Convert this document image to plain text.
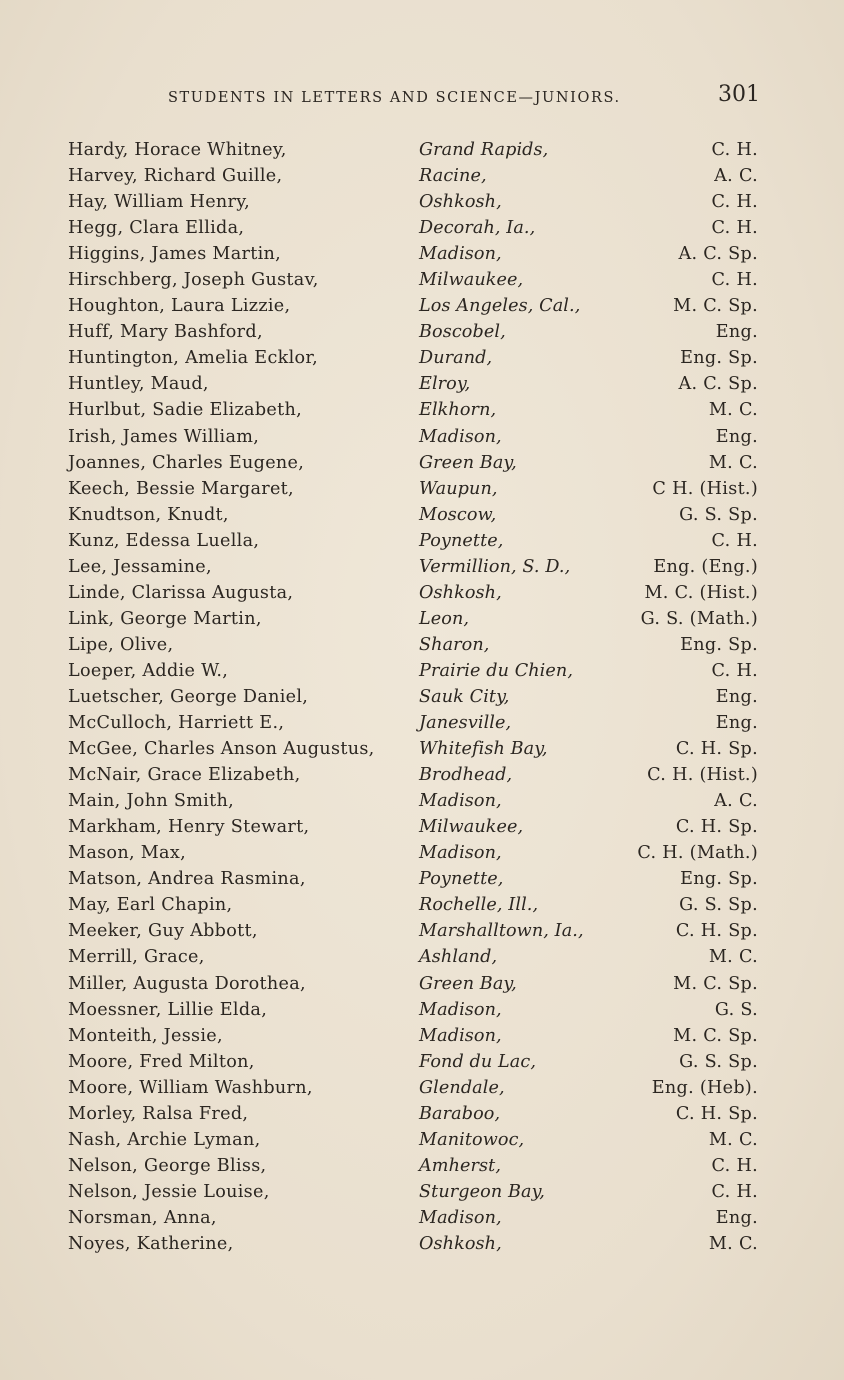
STUDENTS IN LETTERS AND SCIENCE—JUNIORS.	301
Hardy, Horace Whitney,	Grand Rapids,	C. H.
Harvey, Richard Guille,	Racine,	A. C.
Hay, William Henry,	Oshkosh,	C. H.
Hegg, Clara Ellida,	Decorah, Ia.,	C. H.
Higgins, James Martin,	Madison,	A. C. Sp.
Hirschberg, Joseph Gustav,	Milwaukee,	C. H.
Houghton, Laura Lizzie,	Los Angeles, Cal.,	M. C. Sp.
Huff, Mary Bashford,	Boscobel,	Eng.
Huntington, Amelia Ecklor,	Durand,	Eng. Sp.
Huntley, Maud,	Elroy,	A. C. Sp.
Hurlbut, Sadie Elizabeth,	Elkhorn,	M. C.
Irish, James William,	Madison,	Eng.
Joannes, Charles Eugene,	Green Bay,	M. C.
Keech, Bessie Margaret,	Waupun,	C H. (Hist.)
Knudtson, Knudt,	Moscow,	G. S. Sp.
Kunz, Edessa Luella,	Poynette,	C. H.
Lee, Jessamine,	Vermillion, S. D.,	Eng. (Eng.)
Linde, Clarissa Augusta,	Oshkosh,	M. C. (Hist.)
Link, George Martin,	Leon,	G. S. (Math.)
Lipe, Olive,	Sharon,	Eng. Sp.
Loeper, Addie W.,	Prairie du Chien,	C. H.
Luetscher, George Daniel,	Sauk City,	Eng.
McCulloch, Harriett E.,	Janesville,	Eng.
McGee, Charles Anson Augustus,	Whitefish Bay,	C. H. Sp.
McNair, Grace Elizabeth,	Brodhead,	C. H. (Hist.)
Main, John Smith,	Madison,	A. C.
Markham, Henry Stewart,	Milwaukee,	C. H. Sp.
Mason, Max,	Madison,	C. H. (Math.)
Matson, Andrea Rasmina,	Poynette,	Eng. Sp.
May, Earl Chapin,	Rochelle, Ill.,	G. S. Sp.
Meeker, Guy Abbott,	Marshalltown, Ia.,	C. H. Sp.
Merrill, Grace,	Ashland,	M. C.
Miller, Augusta Dorothea,	Green Bay,	M. C. Sp.
Moessner, Lillie Elda,	Madison,	G. S.
Monteith, Jessie,	Madison,	M. C. Sp.
Moore, Fred Milton,	Fond du Lac,	G. S. Sp.
Moore, William Washburn,	Glendale,	Eng. (Heb).
Morley, Ralsa Fred,	Baraboo,	C. H. Sp.
Nash, Archie Lyman,	Manitowoc,	M. C.
Nelson, George Bliss,	Amherst,	C. H.
Nelson, Jessie Louise,	Sturgeon Bay,	C. H.
Norsman, Anna,	Madison,	Eng.
Noyes, Katherine,	Oshkosh,	M. C.
